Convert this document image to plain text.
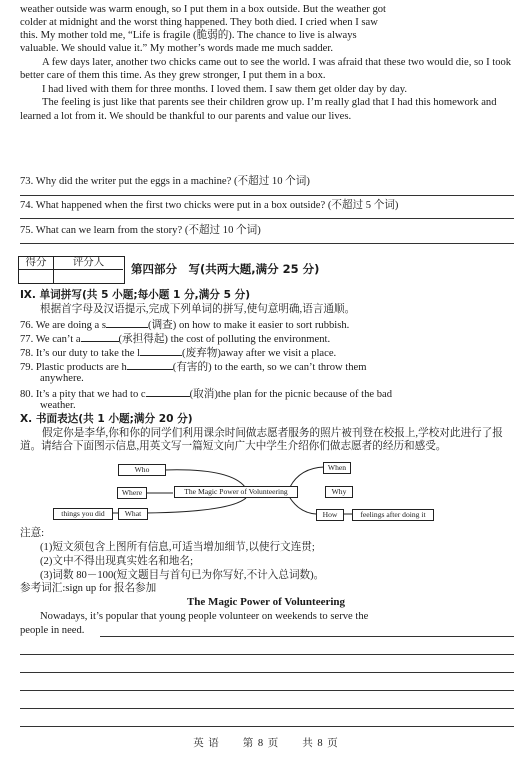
weather outside was warm enough, so I put them in a box outside. But the weather got

colder at midnight and the worst thing happened. They both died. I cried when I saw

this. My mother told me, “Life is fragile (脆弱的). The chance to live is always

valuable. We should value it.” My mother’s words made me much sadder.

A few days later, another two chicks came out to see the world. I was afraid that these two would die, so I took better care of them this time. As they grew stronger, I put them in a box.

I had lived with them for three months. I loved them. I saw them get older day by day.

The feeling is just like that parents see their children grow up. I’m really glad that I had this homework and learned a lot from it. We should be thankful to our parents and value our lives.

73. Why did the writer put the eggs in a machine? (不超过 10 个词)

74. What happened when the first two chicks were put in a box outside? (不超过 5 个词)

75. What can we learn from the story? (不超过 10 个词)

得分	评分人	第四部分　写(共两大题,满分 25 分)

Ⅸ. 单词拼写(共 5 小题;每小题 1 分,满分 5 分)

根据首字母及汉语提示,完成下列单词的拼写,使句意明确,语言通顺。

76. We are doing a s	(调查) on how to make it easier to sort rubbish.

77. We can’t a	(承担得起) the cost of polluting the environment.

78. It’s our duty to take the l	(废弃物)away after we visit a place.

79. Plastic products are h	(有害的) to the earth, so we can’t throw them

anywhere.

80. It’s a pity that we had to c	(取消)the plan for the picnic because of the bad

weather.

Ⅹ. 书面表达(共 1 小题;满分 20 分)

假定你是李华,你和你的同学们利用课余时间做志愿者服务的照片被刊登在校报上,学校对此进行了报道。请结合下面图示信息,用英文写一篇短文向广大中学生介绍你们做志愿者的经历和感受。

Who
Where	The Magic Power of Volunteering
When
Why
things you did	What	How	feelings after doing it

注意:

(1)短文须包含上图所有信息,可适当增加细节,以使行文连贯;

(2)文中不得出现真实姓名和地名;

(3)词数 80－100(短文题目与首句已为你写好,不计入总词数)。

参考词汇:sign up for 报名参加

The Magic Power of Volunteering

Nowadays, it’s popular that young people volunteer on weekends to serve the

people in need.

英 语　　第 8 页　　共 8 页
